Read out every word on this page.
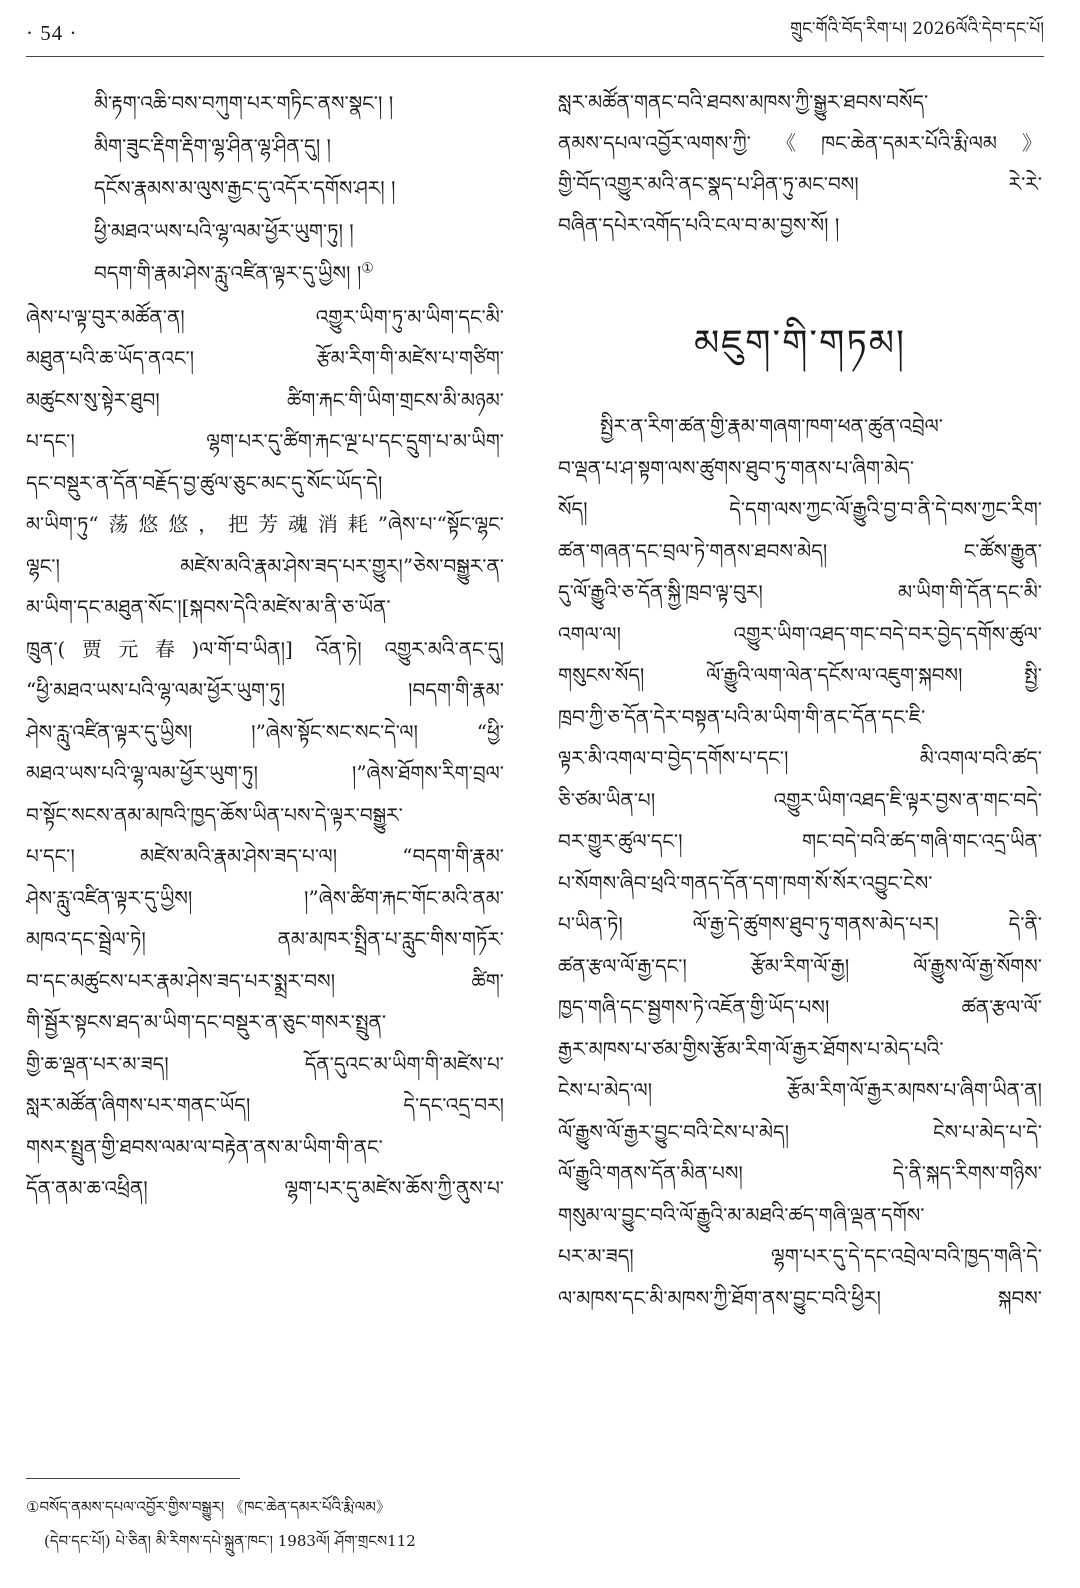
· 54 ·	གྲུང་གོའི་བོད་རིག་པ། 2026ལོའི་དེབ་དང་པོ།
མི་རྟག་འཆི་བས་བཀུག་པར་གཏིང་ནས་སྣང་། །
མིག་ཟུང་རྡིག་རྡིག་ལྷ་ཤིན་ལྷ་ཤིན་དུ། །
དངོས་རྣམས་མ་ལུས་རྒྱང་དུ་འདོར་དགོས་ཤར། །
ཕྱི་མཐའ་ཡས་པའི་ལྷ་ལམ་ཕྱོར་ཡུག་ཏུ། །
བདག་གི་རྣམ་ཤེས་རླུ་འཛིན་ལྟར་དུ་ཡྱིས། །①
ཞེས་པ་ལྟ་བུར་མཚོན་ན། འགྱུར་ཡིག་ཏུ་མ་ཡིག་དང་མི་
མཐུན་པའི་ཆ་ཡོད་ནའང་། རྩོམ་རིག་གི་མཛེས་པ་གཙིག་
མཚུངས་སུ་སྟེར་ཐུབ། ཚིག་རྐང་གི་ཡིག་གྲངས་མི་མཉམ་
པ་དང་། ལྷག་པར་དུ་ཚིག་རྐང་ལྔ་པ་དང་དྲུག་པ་མ་ཡིག་
དང་བསྡུར་ན་དོན་བརྗོད་བྱ་ཚུལ་ཅུང་མང་དུ་སོང་ཡོད་དེ།
མ་ཡིག་ཏུ“荡悠悠，把芳魂消耗”ཞེས་པ་“སྟོང་ལྷང་
ལྷང་། མཛེས་མའི་རྣམ་ཤེས་ཟད་པར་གྱུར།”ཅེས་བསྒྱུར་ན་
མ་ཡིག་དང་མཐུན་སོང་།[སྐབས་དེའི་མཛེས་མ་ནི་ཅ་ཡོན་
ཁྲུན་(贾元春)ལ་གོ་བ་ཡིན།] འོན་ཏེ། འགྱུར་མའི་ནང་དུ།
“ཕྱི་མཐའ་ཡས་པའི་ལྷ་ལམ་ཕྱོར་ཡུག་ཏུ། །བདག་གི་རྣམ་
ཤེས་རླུ་འཛིན་ལྟར་དུ་ཡྱིས། །”ཞེས་སྟོང་སང་སང་དེ་ལ། “ཕྱི་
མཐའ་ཡས་པའི་ལྷ་ལམ་ཕྱོར་ཡུག་ཏུ། །”ཞེས་ཐོགས་རིག་བྲལ་
བ་སྟོང་སངས་ནམ་མཁའི་ཁྱད་ཆོས་ཡིན་པས་དེ་ལྟར་བསྒྱུར་
པ་དང་། མཛེས་མའི་རྣམ་ཤེས་ཟད་པ་ལ། “བདག་གི་རྣམ་
ཤེས་རླུ་འཛིན་ལྟར་དུ་ཡྱིས། །”ཞེས་ཚིག་རྐང་གོང་མའི་ནམ་
མཁའ་དང་སྦྲེལ་ཏེ། ནམ་མཁར་སྤྲིན་པ་རླུང་གིས་གཏོར་
བ་དང་མཚུངས་པར་རྣམ་ཤེས་ཟད་པར་སྨྲར་བས། ཚིག་
གི་སྦྱོར་སྟངས་ཐད་མ་ཡིག་དང་བསྡུར་ན་ཅུང་གསར་སྤྲུན་
གྱི་ཆ་ལྡན་པར་མ་ཟད། དོན་དུའང་མ་ཡིག་གི་མཛེས་པ་
སླར་མཚོན་ཞིགས་པར་གནང་ཡོད། དེ་དང་འདྲ་བར།
གསར་སྤྲུན་གྱི་ཐབས་ལམ་ལ་བརྟེན་ནས་མ་ཡིག་གི་ནང་
དོན་ནམ་ཆ་འཕྲིན། ལྷག་པར་དུ་མཛེས་ཆོས་ཀྱི་ནུས་པ་
སླར་མཚོན་གནང་བའི་ཐབས་མཁས་ཀྱི་སྒྱུར་ཐབས་བསོད་
ནམས་དཔལ་འབྱོར་ལགས་ཀྱི་《ཁང་ཆེན་དམར་པོའི་རྨི་ལམ》
གྱི་བོད་འགྱུར་མའི་ནང་སྣད་པ་ཤིན་ཏུ་མང་བས། རེ་རེ་
བཞིན་དཔེར་འགོད་པའི་ངལ་བ་མ་བྱས་སོ། །
མཇུག་གི་གཏམ།
སྤྱིར་ན་རིག་ཚན་གྱི་རྣམ་གཞག་ཁག་ཕན་ཚུན་འབྲེལ་
བ་ལྡན་པ་ཤ་སྟག་ལས་ཚུགས་ཐུབ་ཏུ་གནས་པ་ཞིག་མེད་
སོད། དེ་དག་ལས་ཀྱང་ལོ་རྒྱུའི་བྱ་བ་ནི་དེ་བས་ཀྱང་རིག་
ཚན་གཞན་དང་བྲལ་ཏེ་གནས་ཐབས་མེད། ང་ཚོས་རྒྱུན་
དུ་ལོ་རྒྱུའི་ཅ་དོན་སྐྱི་ཁྲབ་ལྟ་བུར། མ་ཡིག་གི་དོན་དང་མི་
འགལ་ལ། འགྱུར་ཡིག་འཐད་གང་བདེ་བར་བྱེད་དགོས་ཚུལ་
གསུངས་སོད། ལོ་རྒྱུའི་ལག་ལེན་དངོས་ལ་འཇུག་སྐབས། སྤྱི་
ཁྲབ་ཀྱི་ཅ་དོན་དེར་བསྟན་པའི་མ་ཡིག་གི་ནང་དོན་དང་ཇི་
ལྟར་མི་འགལ་བ་བྱེད་དགོས་པ་དང་། མི་འགལ་བའི་ཚད་
ཅི་ཙམ་ཡིན་པ། འགྱུར་ཡིག་འཐད་ཇི་ལྟར་བྱས་ན་གང་བདེ་
བར་གྱུར་ཚུལ་དང་། གང་བདེ་བའི་ཚད་གཞི་གང་འདྲ་ཡིན་
པ་སོགས་ཞིབ་ཕྲའི་གནད་དོན་དག་ཁག་སོ་སོར་འབྱུང་ངེས་
པ་ཡིན་ཏེ། ལོ་རྒྱ་དེ་ཚུགས་ཐུབ་ཏུ་གནས་མེད་པར། དེ་ནི་
ཚན་རྩལ་ལོ་རྒྱ་དང་། རྩོམ་རིག་ལོ་རྒྱ། ལོ་རྒྱུས་ལོ་རྒྱ་སོགས་
ཁྱད་གཞི་དང་སྦྱགས་ཏེ་འཇོན་གྱི་ཡོད་པས། ཚན་རྩལ་ལོ་
རྒྱར་མཁས་པ་ཙམ་གྱིས་རྩོམ་རིག་ལོ་རྒྱར་ཐོགས་པ་མེད་པའི་
ངེས་པ་མེད་ལ། རྩོམ་རིག་ལོ་རྒྱར་མཁས་པ་ཞིག་ཡིན་ན།
ལོ་རྒྱུས་ལོ་རྒྱར་བྱུང་བའི་ངེས་པ་མེད། ངེས་པ་མེད་པ་དེ་
ལོ་རྒྱུའི་གནས་དོན་མིན་པས། དེ་ནི་སྐད་རིགས་གཉིས་
གསུམ་ལ་བྱུང་བའི་ལོ་རྒྱུའི་མ་མཐའི་ཚད་གཞི་ལྡན་དགོས་
པར་མ་ཟད། ལྷག་པར་དུ་དེ་དང་འབྲེལ་བའི་ཁྱད་གཞི་དེ་
ལ་མཁས་དང་མི་མཁས་ཀྱི་ཐོག་ནས་བྱུང་བའི་ཕྱིར། སྐབས་
①བསོད་ནམས་དཔལ་འབྱོར་གྱིས་བསྒྱུར། 《ཁང་ཆེན་དམར་པོའི་རྨི་ལམ》
(དེབ་དང་པོ།) པེ་ཅིན། མི་རིགས་དཔེ་སྐྲུན་ཁང་། 1983ལོ། ཤོག་གྲངས112
